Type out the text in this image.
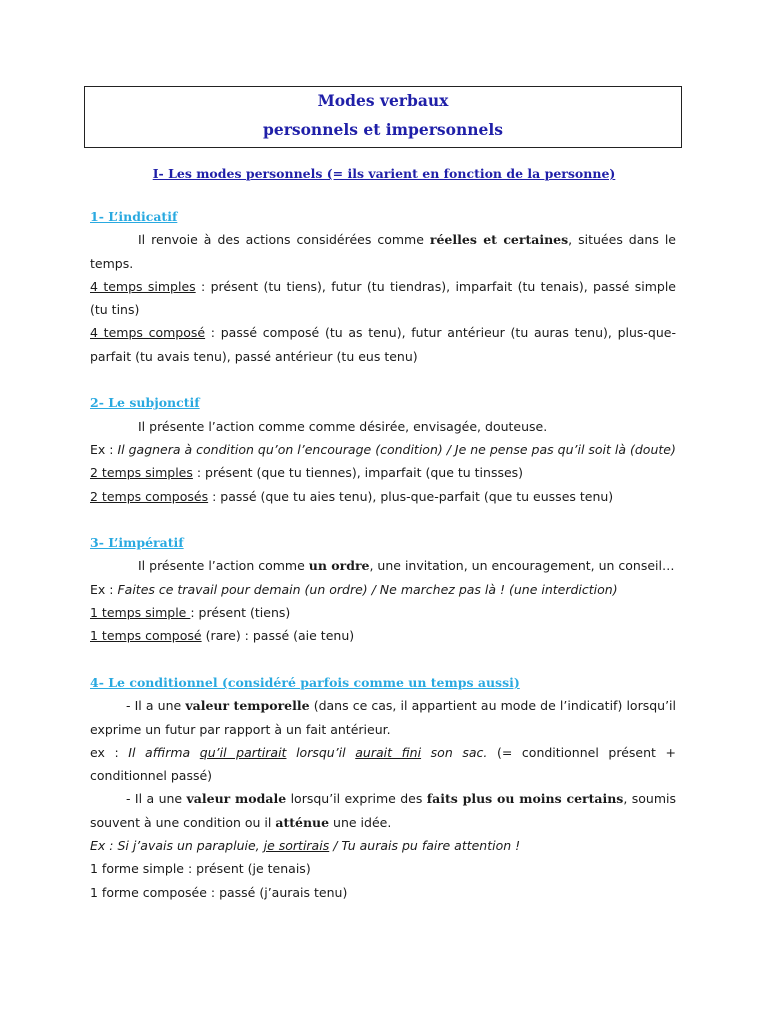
Modes verbaux
personnels et impersonnels
I- Les modes personnels (= ils varient en fonction de la personne)

1- L’indicatif

Il renvoie à des actions considérées comme réelles et certaines, situées dans le temps.

4 temps simples : présent (tu tiens), futur (tu tiendras), imparfait (tu tenais), passé simple (tu tins)

4 temps composé : passé composé (tu as tenu), futur antérieur (tu auras tenu), plus-que-parfait (tu avais tenu), passé antérieur (tu eus tenu)

2- Le subjonctif

Il présente l’action comme comme désirée, envisagée, douteuse.

Ex : Il gagnera à condition qu’on l’encourage (condition) / Je ne pense pas qu’il soit là (doute)

2 temps simples : présent (que tu tiennes), imparfait (que tu tinsses)

2 temps composés : passé (que tu aies tenu), plus-que-parfait (que tu eusses tenu)

3- L’impératif

Il présente l’action comme un ordre, une invitation, un encouragement, un conseil…

Ex : Faites ce travail pour demain (un ordre) / Ne marchez pas là ! (une interdiction)

1 temps simple : présent (tiens)

1 temps composé (rare) : passé (aie tenu)

4- Le conditionnel (considéré parfois comme un temps aussi)

- Il a une valeur temporelle (dans ce cas, il appartient au mode de l’indicatif) lorsqu’il exprime un futur par rapport à un fait antérieur.

ex : Il affirma qu’il partirait lorsqu’il aurait fini son sac. (= conditionnel présent + conditionnel passé)

- Il a une valeur modale lorsqu’il exprime des faits plus ou moins certains, soumis souvent à une condition ou il atténue une idée.

Ex : Si j’avais un parapluie, je sortirais / Tu aurais pu faire attention !

1 forme simple : présent (je tenais)

1 forme composée : passé (j’aurais tenu)
